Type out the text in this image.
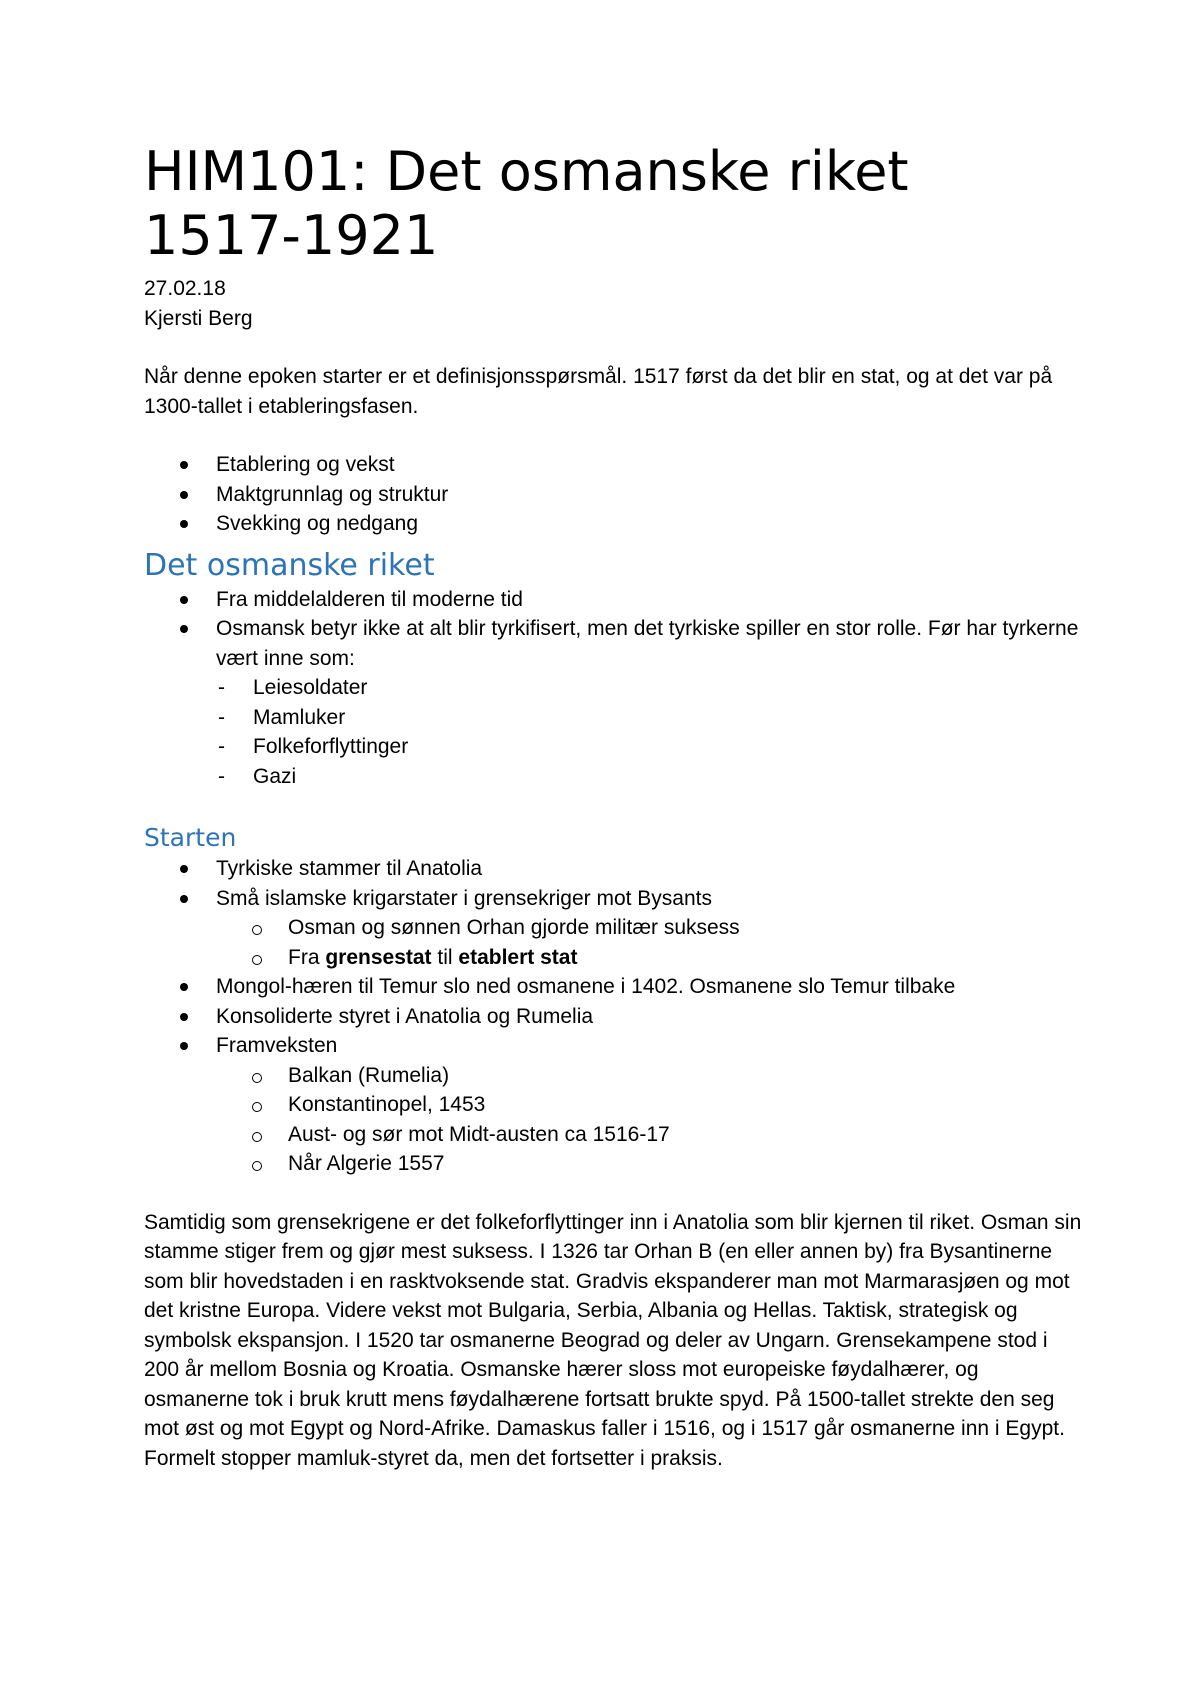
HIM101: Det osmanske riket
1517-1921

27.02.18

Kjersti Berg

Når denne epoken starter er et definisjonsspørsmål. 1517 først da det blir en stat, og at det var på 1300-tallet i etableringsfasen.

Etablering og vekst
Maktgrunnlag og struktur
Svekking og nedgang
Det osmanske riket
Fra middelalderen til moderne tid
Osmansk betyr ikke at alt blir tyrkifisert, men det tyrkiske spiller en stor rolle. Før har tyrkerne vært inne som:
- Leiesoldater
- Mamluker
- Folkeforflyttinger
- Gazi
Starten
Tyrkiske stammer til Anatolia
Små islamske krigarstater i grensekriger mot Bysants
Osman og sønnen Orhan gjorde militær suksess
Fra grensestat til etablert stat
Mongol-hæren til Temur slo ned osmanene i 1402. Osmanene slo Temur tilbake
Konsoliderte styret i Anatolia og Rumelia
Framveksten
Balkan (Rumelia)
Konstantinopel, 1453
Aust- og sør mot Midt-austen ca 1516-17
Når Algerie 1557

Samtidig som grensekrigene er det folkeforflyttinger inn i Anatolia som blir kjernen til riket. Osman sin stamme stiger frem og gjør mest suksess. I 1326 tar Orhan B (en eller annen by) fra Bysantinerne som blir hovedstaden i en rasktvoksende stat. Gradvis ekspanderer man mot Marmarasjøen og mot det kristne Europa. Videre vekst mot Bulgaria, Serbia, Albania og Hellas. Taktisk, strategisk og symbolsk ekspansjon. I 1520 tar osmanerne Beograd og deler av Ungarn. Grensekampene stod i 200 år mellom Bosnia og Kroatia. Osmanske hærer sloss mot europeiske føydalhærer, og osmanerne tok i bruk krutt mens føydalhærene fortsatt brukte spyd. På 1500-tallet strekte den seg mot øst og mot Egypt og Nord-Afrike. Damaskus faller i 1516, og i 1517 går osmanerne inn i Egypt. Formelt stopper mamluk-styret da, men det fortsetter i praksis.
